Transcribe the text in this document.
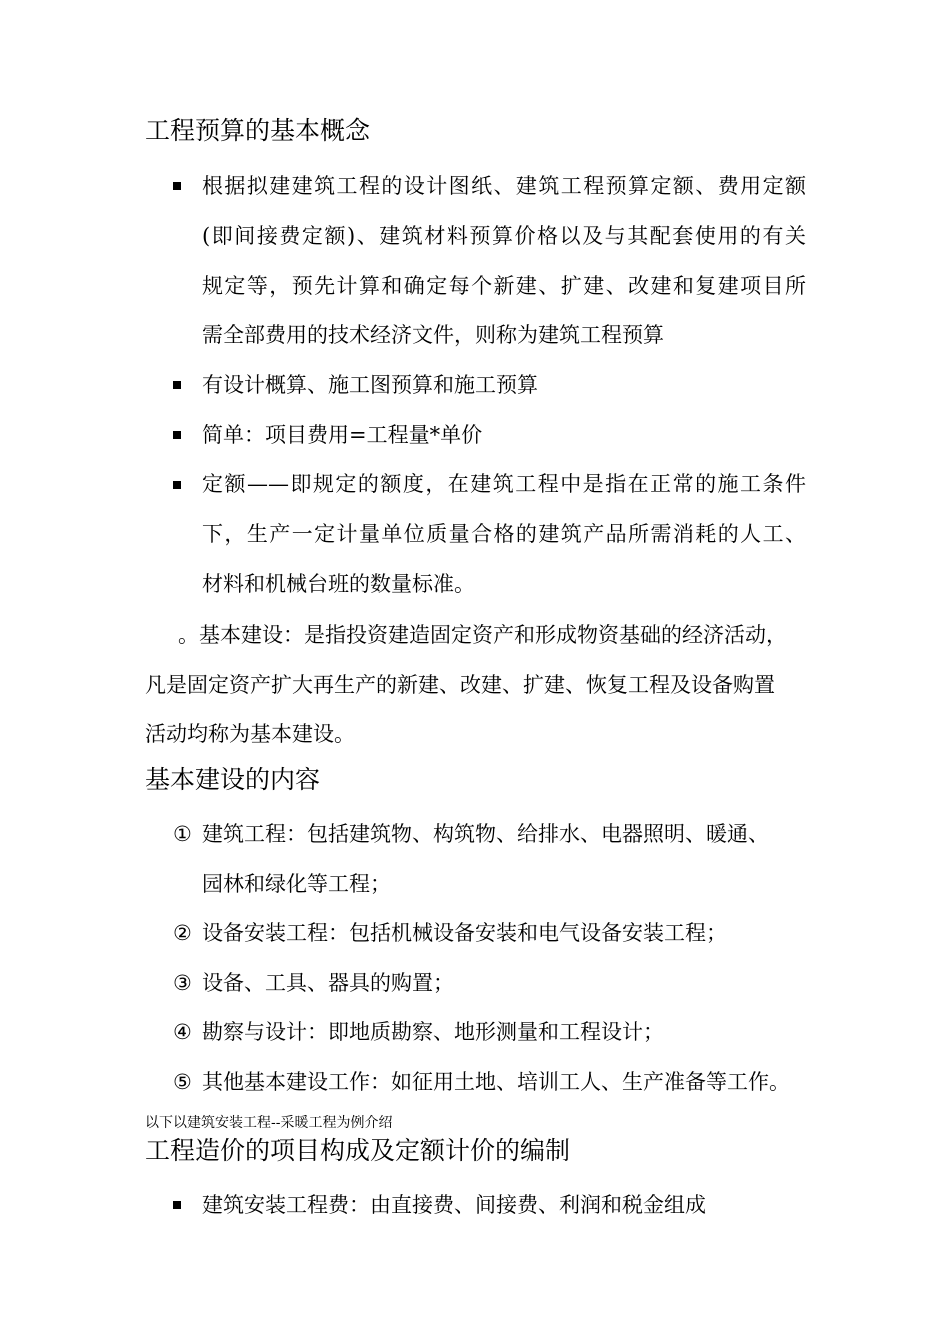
工程预算的基本概念
根据拟建建筑工程的设计图纸、建筑工程预算定额、费用定额
(即间接费定额)、建筑材料预算价格以及与其配套使用的有关
规定等，预先计算和确定每个新建、扩建、改建和复建项目所
需全部费用的技术经济文件，则称为建筑工程预算
有设计概算、施工图预算和施工预算
简单：项目费用=工程量*单价
定额——即规定的额度，在建筑工程中是指在正常的施工条件
下，生产一定计量单位质量合格的建筑产品所需消耗的人工、
材料和机械台班的数量标准。
。基本建设：是指投资建造固定资产和形成物资基础的经济活动，
凡是固定资产扩大再生产的新建、改建、扩建、恢复工程及设备购置
活动均称为基本建设。
基本建设的内容
① 建筑工程：包括建筑物、构筑物、给排水、电器照明、暖通、
园林和绿化等工程；
② 设备安装工程：包括机械设备安装和电气设备安装工程；
③ 设备、工具、器具的购置；
④ 勘察与设计：即地质勘察、地形测量和工程设计；
⑤ 其他基本建设工作：如征用土地、培训工人、生产准备等工作。
以下以建筑安装工程--采暖工程为例介绍
工程造价的项目构成及定额计价的编制
建筑安装工程费：由直接费、间接费、利润和税金组成
